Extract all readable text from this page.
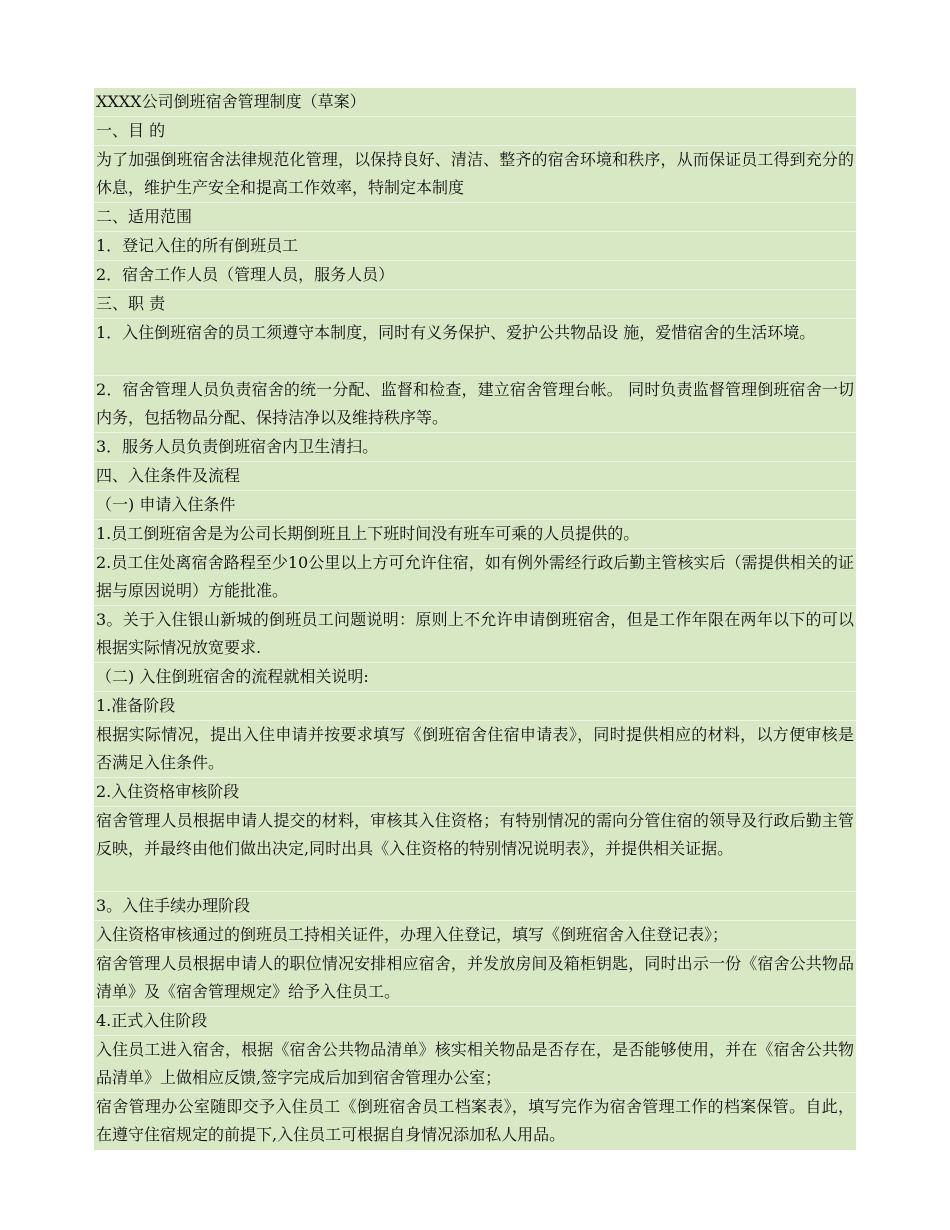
XXXX公司倒班宿舍管理制度（草案）
一、目 的
为了加强倒班宿舍法律规范化管理，以保持良好、清洁、整齐的宿舍环境和秩序，从而保证员工得到充分的休息，维护生产安全和提高工作效率，特制定本制度
二、适用范围
1．登记入住的所有倒班员工
2．宿舍工作人员（管理人员，服务人员）
三、职 责
1．入住倒班宿舍的员工须遵守本制度，同时有义务保护、爱护公共物品设 施，爱惜宿舍的生活环境。
2．宿舍管理人员负责宿舍的统一分配、监督和检查，建立宿舍管理台帐。 同时负责监督管理倒班宿舍一切内务，包括物品分配、保持洁净以及维持秩序等。
3．服务人员负责倒班宿舍内卫生清扫。
四、入住条件及流程
（一) 申请入住条件
1.员工倒班宿舍是为公司长期倒班且上下班时间没有班车可乘的人员提供的。
2.员工住处离宿舍路程至少10公里以上方可允许住宿，如有例外需经行政后勤主管核实后（需提供相关的证据与原因说明）方能批准。
3。关于入住银山新城的倒班员工问题说明：原则上不允许申请倒班宿舍，但是工作年限在两年以下的可以根据实际情况放宽要求.
（二) 入住倒班宿舍的流程就相关说明:
1.准备阶段
根据实际情况，提出入住申请并按要求填写《倒班宿舍住宿申请表》，同时提供相应的材料，以方便审核是否满足入住条件。
2.入住资格审核阶段
宿舍管理人员根据申请人提交的材料，审核其入住资格；有特别情况的需向分管住宿的领导及行政后勤主管反映，并最终由他们做出决定,同时出具《入住资格的特别情况说明表》，并提供相关证据。
3。入住手续办理阶段
入住资格审核通过的倒班员工持相关证件，办理入住登记，填写《倒班宿舍入住登记表》；
宿舍管理人员根据申请人的职位情况安排相应宿舍，并发放房间及箱柜钥匙，同时出示一份《宿舍公共物品清单》及《宿舍管理规定》给予入住员工。
4.正式入住阶段
入住员工进入宿舍，根据《宿舍公共物品清单》核实相关物品是否存在，是否能够使用，并在《宿舍公共物品清单》上做相应反馈,签字完成后加到宿舍管理办公室；
宿舍管理办公室随即交予入住员工《倒班宿舍员工档案表》，填写完作为宿舍管理工作的档案保管。自此，在遵守住宿规定的前提下,入住员工可根据自身情况添加私人用品。
